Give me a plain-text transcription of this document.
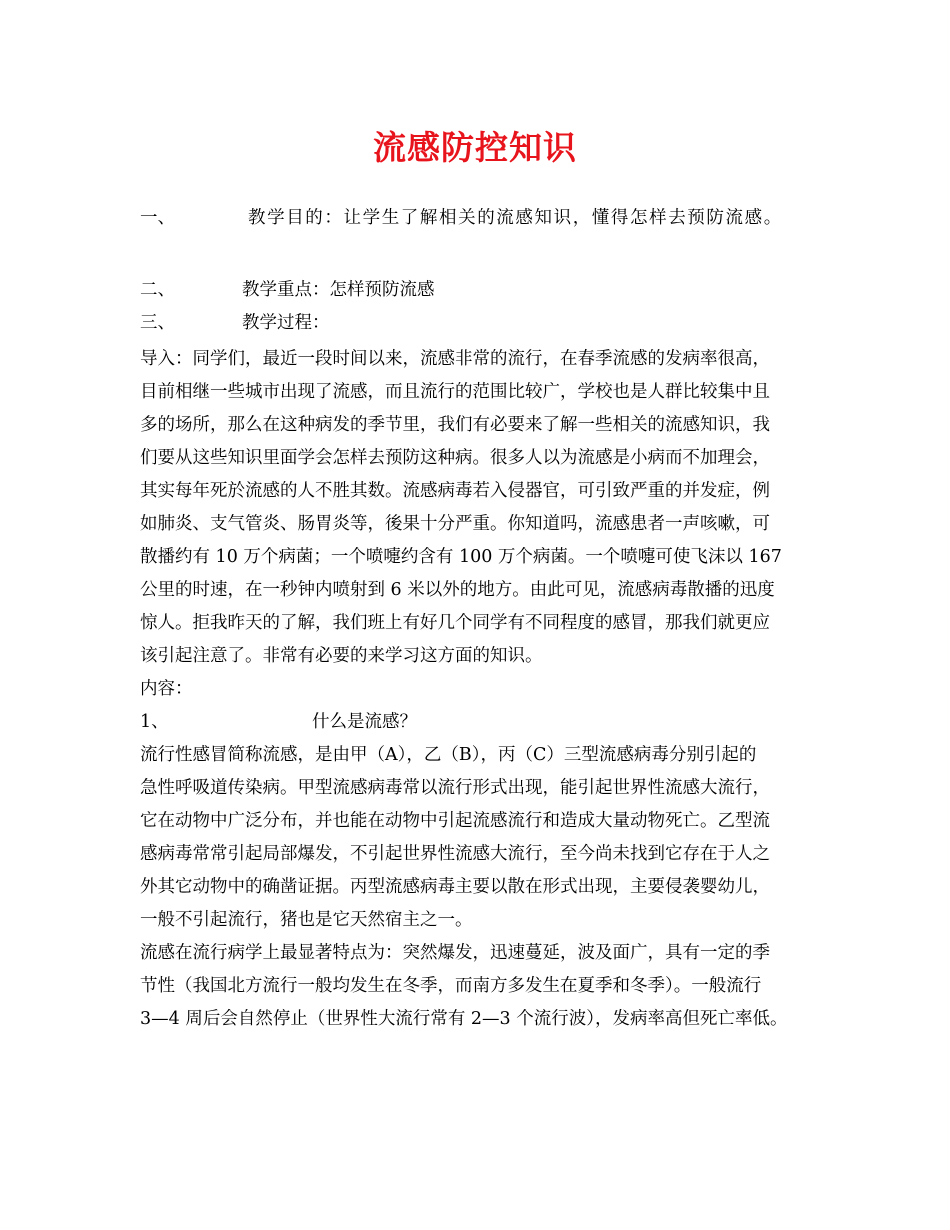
流感防控知识
一、	教学目的：让学生了解相关的流感知识，懂得怎样去预防流感。
二、	教学重点：怎样预防流感
三、	教学过程：
导入：同学们，最近一段时间以来，流感非常的流行，在春季流感的发病率很高，
目前相继一些城市出现了流感，而且流行的范围比较广，学校也是人群比较集中且
多的场所，那么在这种病发的季节里，我们有必要来了解一些相关的流感知识，我
们要从这些知识里面学会怎样去预防这种病。很多人以为流感是小病而不加理会，
其实每年死於流感的人不胜其数。流感病毒若入侵器官，可引致严重的并发症，例
如肺炎、支气管炎、肠胃炎等，後果十分严重。你知道吗，流感患者一声咳嗽，可
散播约有 10 万个病菌；一个喷嚏约含有 100 万个病菌。一个喷嚏可使飞沫以 167
公里的时速，在一秒钟内喷射到 6 米以外的地方。由此可见，流感病毒散播的迅度
惊人。拒我昨天的了解，我们班上有好几个同学有不同程度的感冒，那我们就更应
该引起注意了。非常有必要的来学习这方面的知识。
内容：
1、	什么是流感？
流行性感冒简称流感，是由甲（A），乙（B），丙（C）三型流感病毒分别引起的
急性呼吸道传染病。甲型流感病毒常以流行形式出现，能引起世界性流感大流行，
它在动物中广泛分布，并也能在动物中引起流感流行和造成大量动物死亡。乙型流
感病毒常常引起局部爆发，不引起世界性流感大流行，至今尚未找到它存在于人之
外其它动物中的确凿证据。丙型流感病毒主要以散在形式出现，主要侵袭婴幼儿，
一般不引起流行，猪也是它天然宿主之一。
流感在流行病学上最显著特点为：突然爆发，迅速蔓延，波及面广，具有一定的季
节性（我国北方流行一般均发生在冬季，而南方多发生在夏季和冬季）。一般流行
3—4 周后会自然停止（世界性大流行常有 2—3 个流行波），发病率高但死亡率低。
